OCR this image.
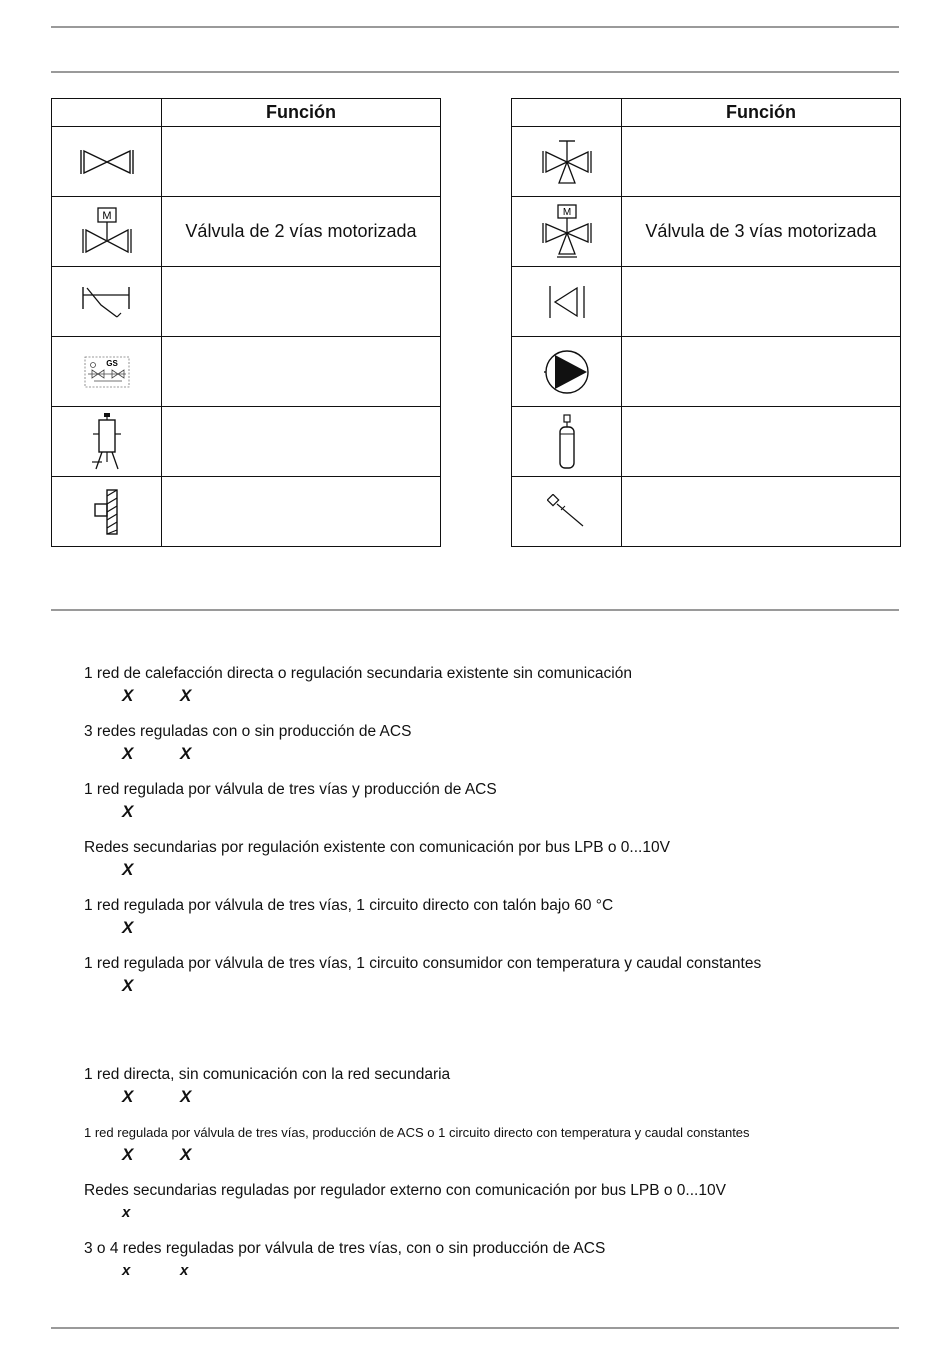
	Función

M	Válvula de 2 vías motorizada

GS	

	Función

M	Válvula de 3 vías motorizada

1 red de calefacción directa o regulación secundaria existente sin comunicación
X	X
3 redes reguladas con o sin producción de ACS
X	X
1 red regulada por válvula de tres vías y producción de ACS
X
Redes secundarias por regulación existente con comunicación por bus LPB o 0...10V
X
1 red regulada por válvula de tres vías, 1 circuito directo con talón bajo 60 °C
X
1 red regulada por válvula de tres vías, 1 circuito consumidor con temperatura y caudal constantes
X
1 red directa, sin comunicación con la red secundaria
X	X
1 red regulada por válvula de tres vías, producción de ACS o 1 circuito directo con temperatura y caudal constantes
X	X
Redes secundarias reguladas por regulador externo con comunicación por bus LPB o 0...10V
x
3 o 4 redes reguladas por válvula de tres vías, con o sin producción de ACS
x	x
